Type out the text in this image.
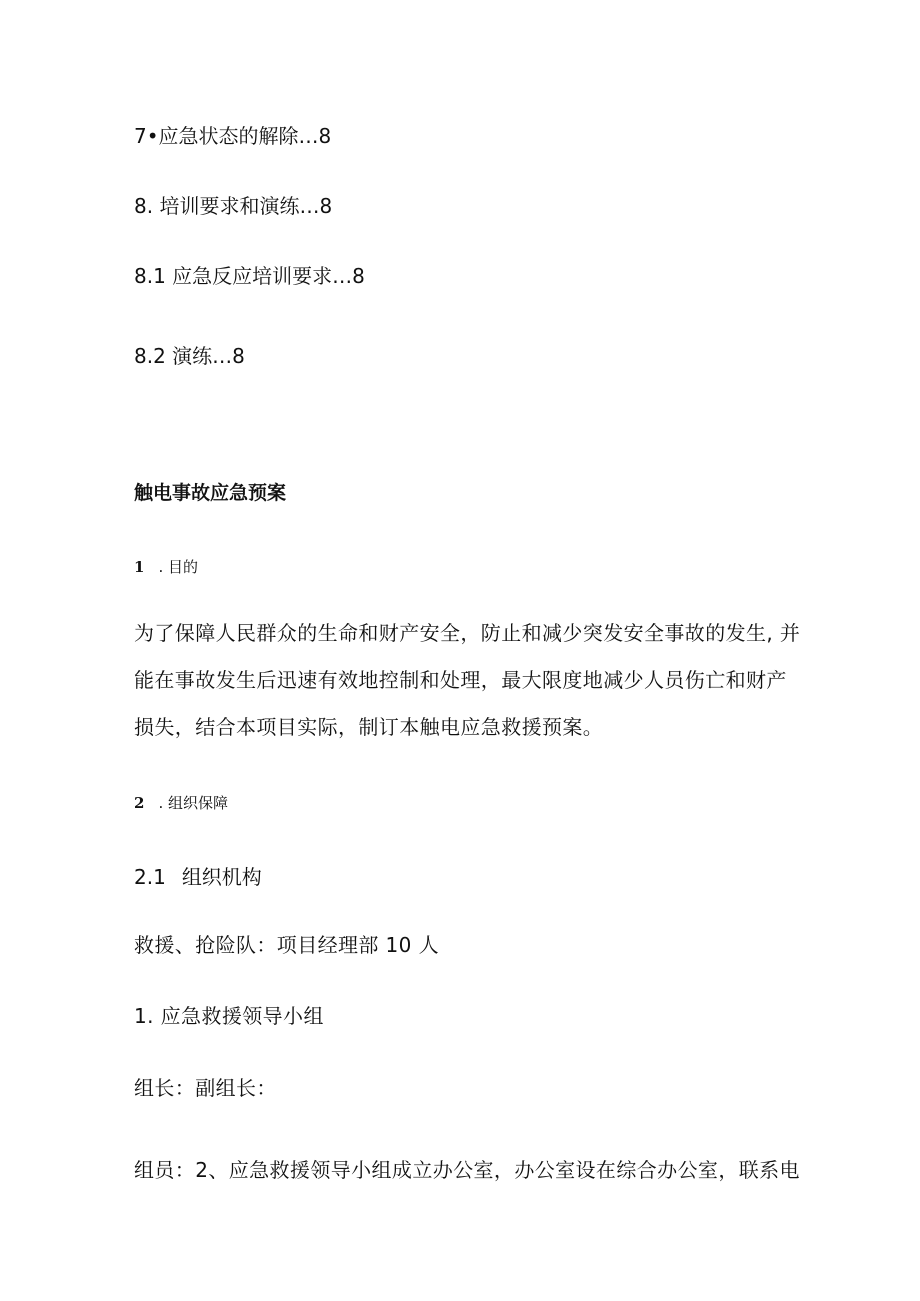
7•应急状态的解除…8

8. 培训要求和演练…8

8.1 应急反应培训要求…8

8.2 演练…8

触电事故应急预案

1 . 目的

为了保障人民群众的生命和财产安全，防止和减少突发安全事故的发生, 并

能在事故发生后迅速有效地控制和处理，最大限度地减少人员伤亡和财产

损失，结合本项目实际，制订本触电应急救援预案。

2 . 组织保障

2.1 组织机构

救援、抢险队：项目经理部 10 人

1. 应急救援领导小组

组长：副组长：

组员：2、应急救援领导小组成立办公室，办公室设在综合办公室，联系电
